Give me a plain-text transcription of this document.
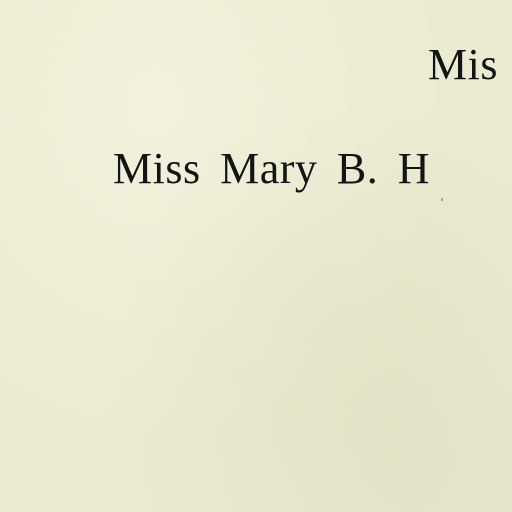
Mis
Miss Mary B. H
